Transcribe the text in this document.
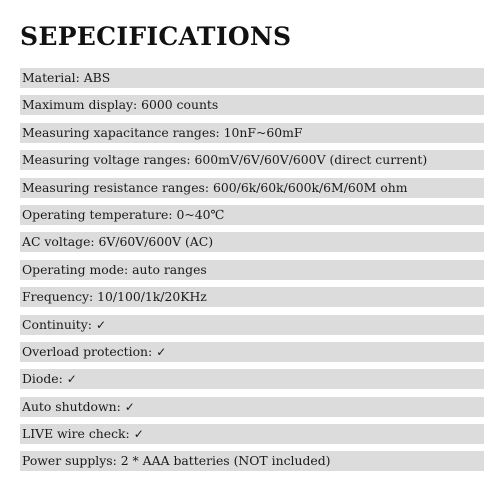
SEPECIFICATIONS
Material: ABS
Maximum display: 6000 counts
Measuring xapacitance ranges: 10nF~60mF
Measuring voltage ranges: 600mV/6V/60V/600V (direct current)
Measuring resistance ranges: 600/6k/60k/600k/6M/60M ohm
Operating temperature: 0~40℃
AC voltage: 6V/60V/600V (AC)
Operating mode: auto ranges
Frequency: 10/100/1k/20KHz
Continuity: ✓
Overload protection: ✓
Diode: ✓
Auto shutdown: ✓
LIVE wire check: ✓
Power supplys: 2 * AAA batteries (NOT included)
